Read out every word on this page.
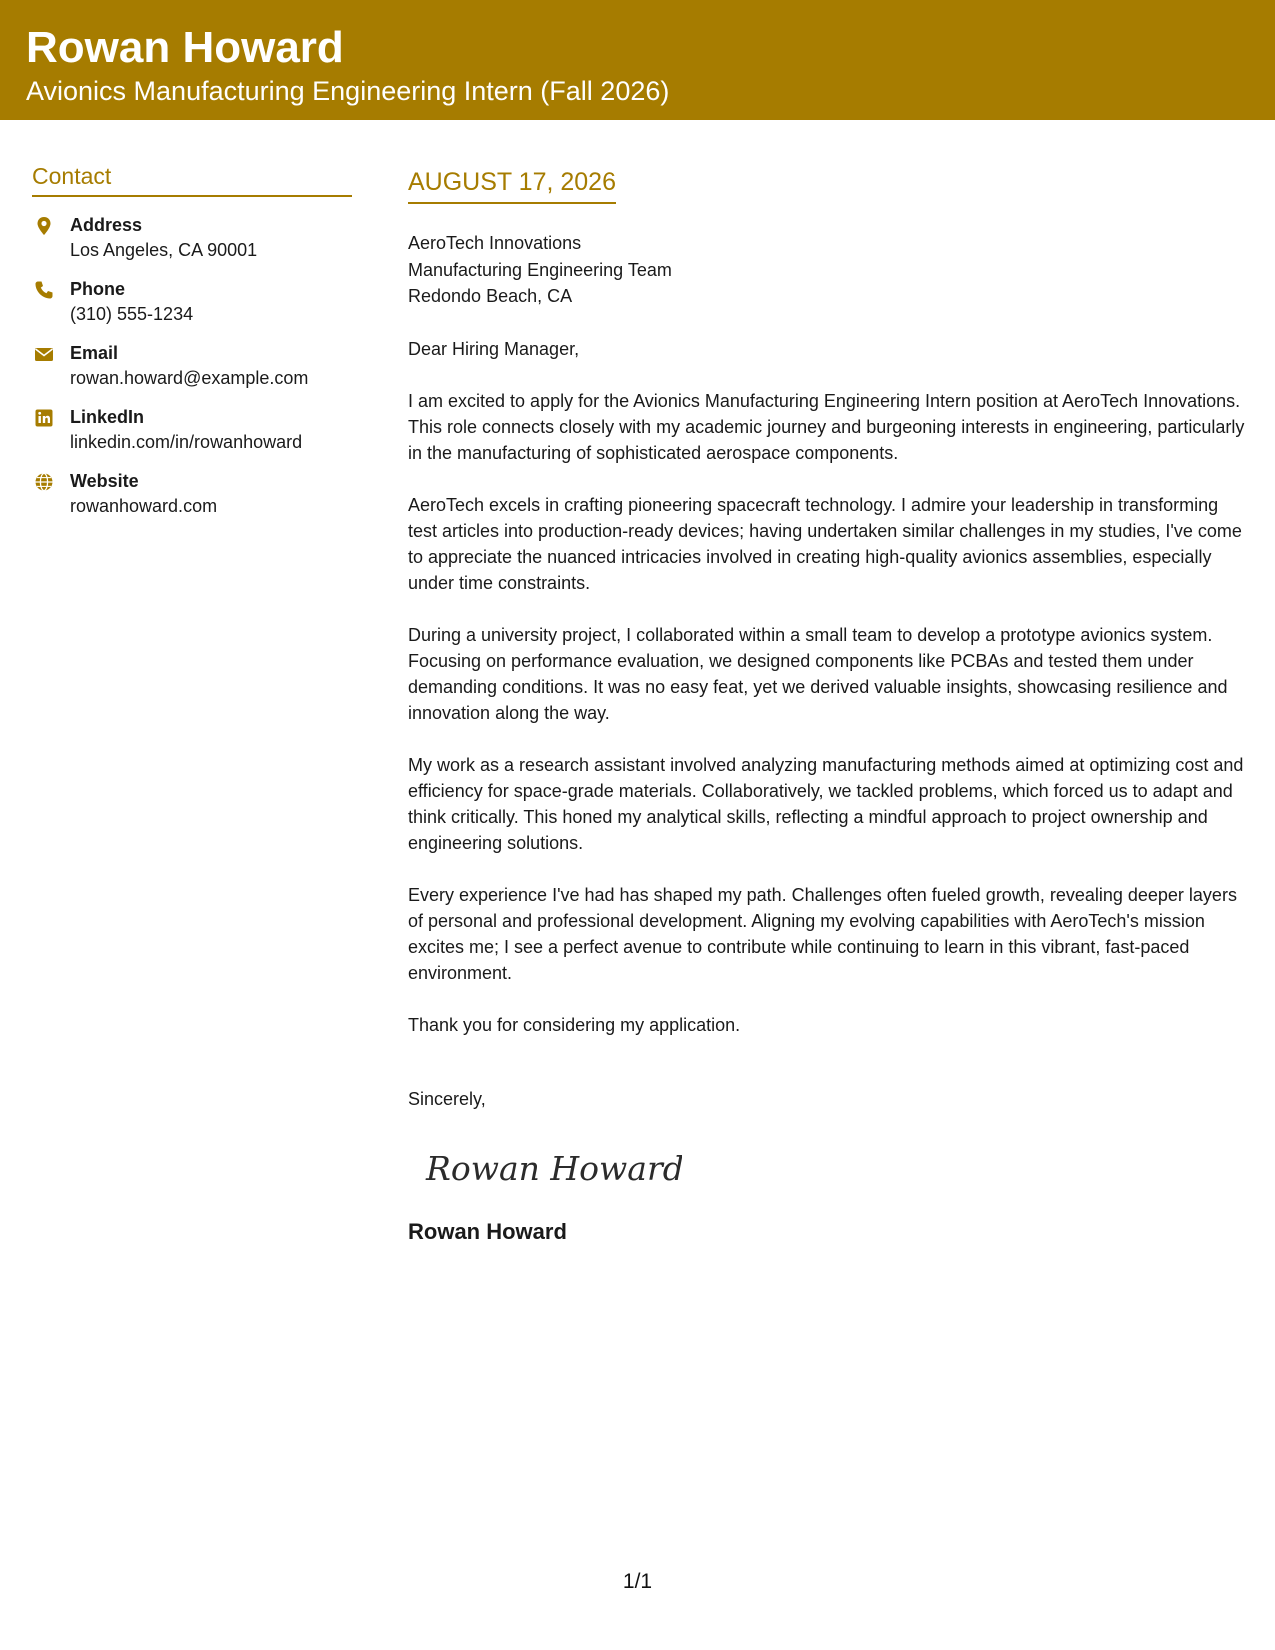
Rowan Howard
Avionics Manufacturing Engineering Intern (Fall 2026)
Contact
Address
Los Angeles, CA 90001
Phone
(310) 555-1234
Email
rowan.howard@example.com
LinkedIn
linkedin.com/in/rowanhoward
Website
rowanhoward.com
AUGUST 17, 2026
AeroTech Innovations
Manufacturing Engineering Team
Redondo Beach, CA
Dear Hiring Manager,
I am excited to apply for the Avionics Manufacturing Engineering Intern position at AeroTech Innovations. This role connects closely with my academic journey and burgeoning interests in engineering, particularly in the manufacturing of sophisticated aerospace components.
AeroTech excels in crafting pioneering spacecraft technology. I admire your leadership in transforming test articles into production-ready devices; having undertaken similar challenges in my studies, I've come to appreciate the nuanced intricacies involved in creating high-quality avionics assemblies, especially under time constraints.
During a university project, I collaborated within a small team to develop a prototype avionics system. Focusing on performance evaluation, we designed components like PCBAs and tested them under demanding conditions. It was no easy feat, yet we derived valuable insights, showcasing resilience and innovation along the way.
My work as a research assistant involved analyzing manufacturing methods aimed at optimizing cost and efficiency for space-grade materials. Collaboratively, we tackled problems, which forced us to adapt and think critically. This honed my analytical skills, reflecting a mindful approach to project ownership and engineering solutions.
Every experience I've had has shaped my path. Challenges often fueled growth, revealing deeper layers of personal and professional development. Aligning my evolving capabilities with AeroTech's mission excites me; I see a perfect avenue to contribute while continuing to learn in this vibrant, fast-paced environment.
Thank you for considering my application.
Sincerely,
Rowan Howard
Rowan Howard
1/1
